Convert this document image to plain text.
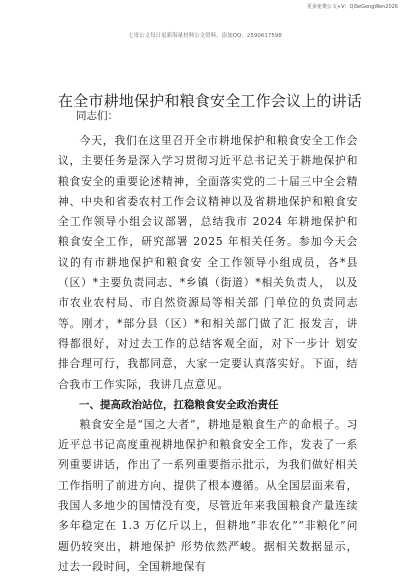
更多免费公文+V：QiSeGongWen2026
七哥公文每日更新海量材料公文资料，添加QQ：2590617598
在全市耕地保护和粮食安全工作会议上的讲话

同志们：

今天，我们在这里召开全市耕地保护和粮食安全工作会议，主要任务是深入学习贯彻习近平总书记关于耕地保护和粮食安全的重要论述精神，全面落实党的二十届三中全会精神、中央和省委农村工作会议精神以及省耕地保护和粮食安全工作领导小组会议部署，总结我市 2024 年耕地保护和粮食安全工作，研究部署 2025 年相关任务。参加今天会议的有市耕地保护和粮食安 全工作领导小组成员，各*县（区）*主要负责同志、*乡镇（街道）*相关负责人， 以及市农业农村局、市自然资源局等相关部 门单位的负责同志等。刚才，*部分县（区）*和相关部门做了汇 报发言，讲得都很好，对过去工作的总结客观全面，对下一步计 划安排合理可行，我都同意，大家一定要认真落实好。下面，结 合我市工作实际，我讲几点意见。

一、提高政治站位，扛稳粮食安全政治责任

粮食安全是“国之大者”，耕地是粮食生产的命根子。习近平总书记高度重视耕地保护和粮食安全工作，发表了一系列重要讲话，作出了一系列重要指示批示，为我们做好相关工作指明了前进方向、提供了根本遵循。从全国层面来看，我国人多地少的国情没有变，尽管近年来我国粮食产量连续多年稳定在 1.3 万亿斤以上，但耕地“非农化”“非粮化”问题仍较突出，耕地保护 形势依然严峻。据相关数据显示，过去一段时间，全国耕地保有
